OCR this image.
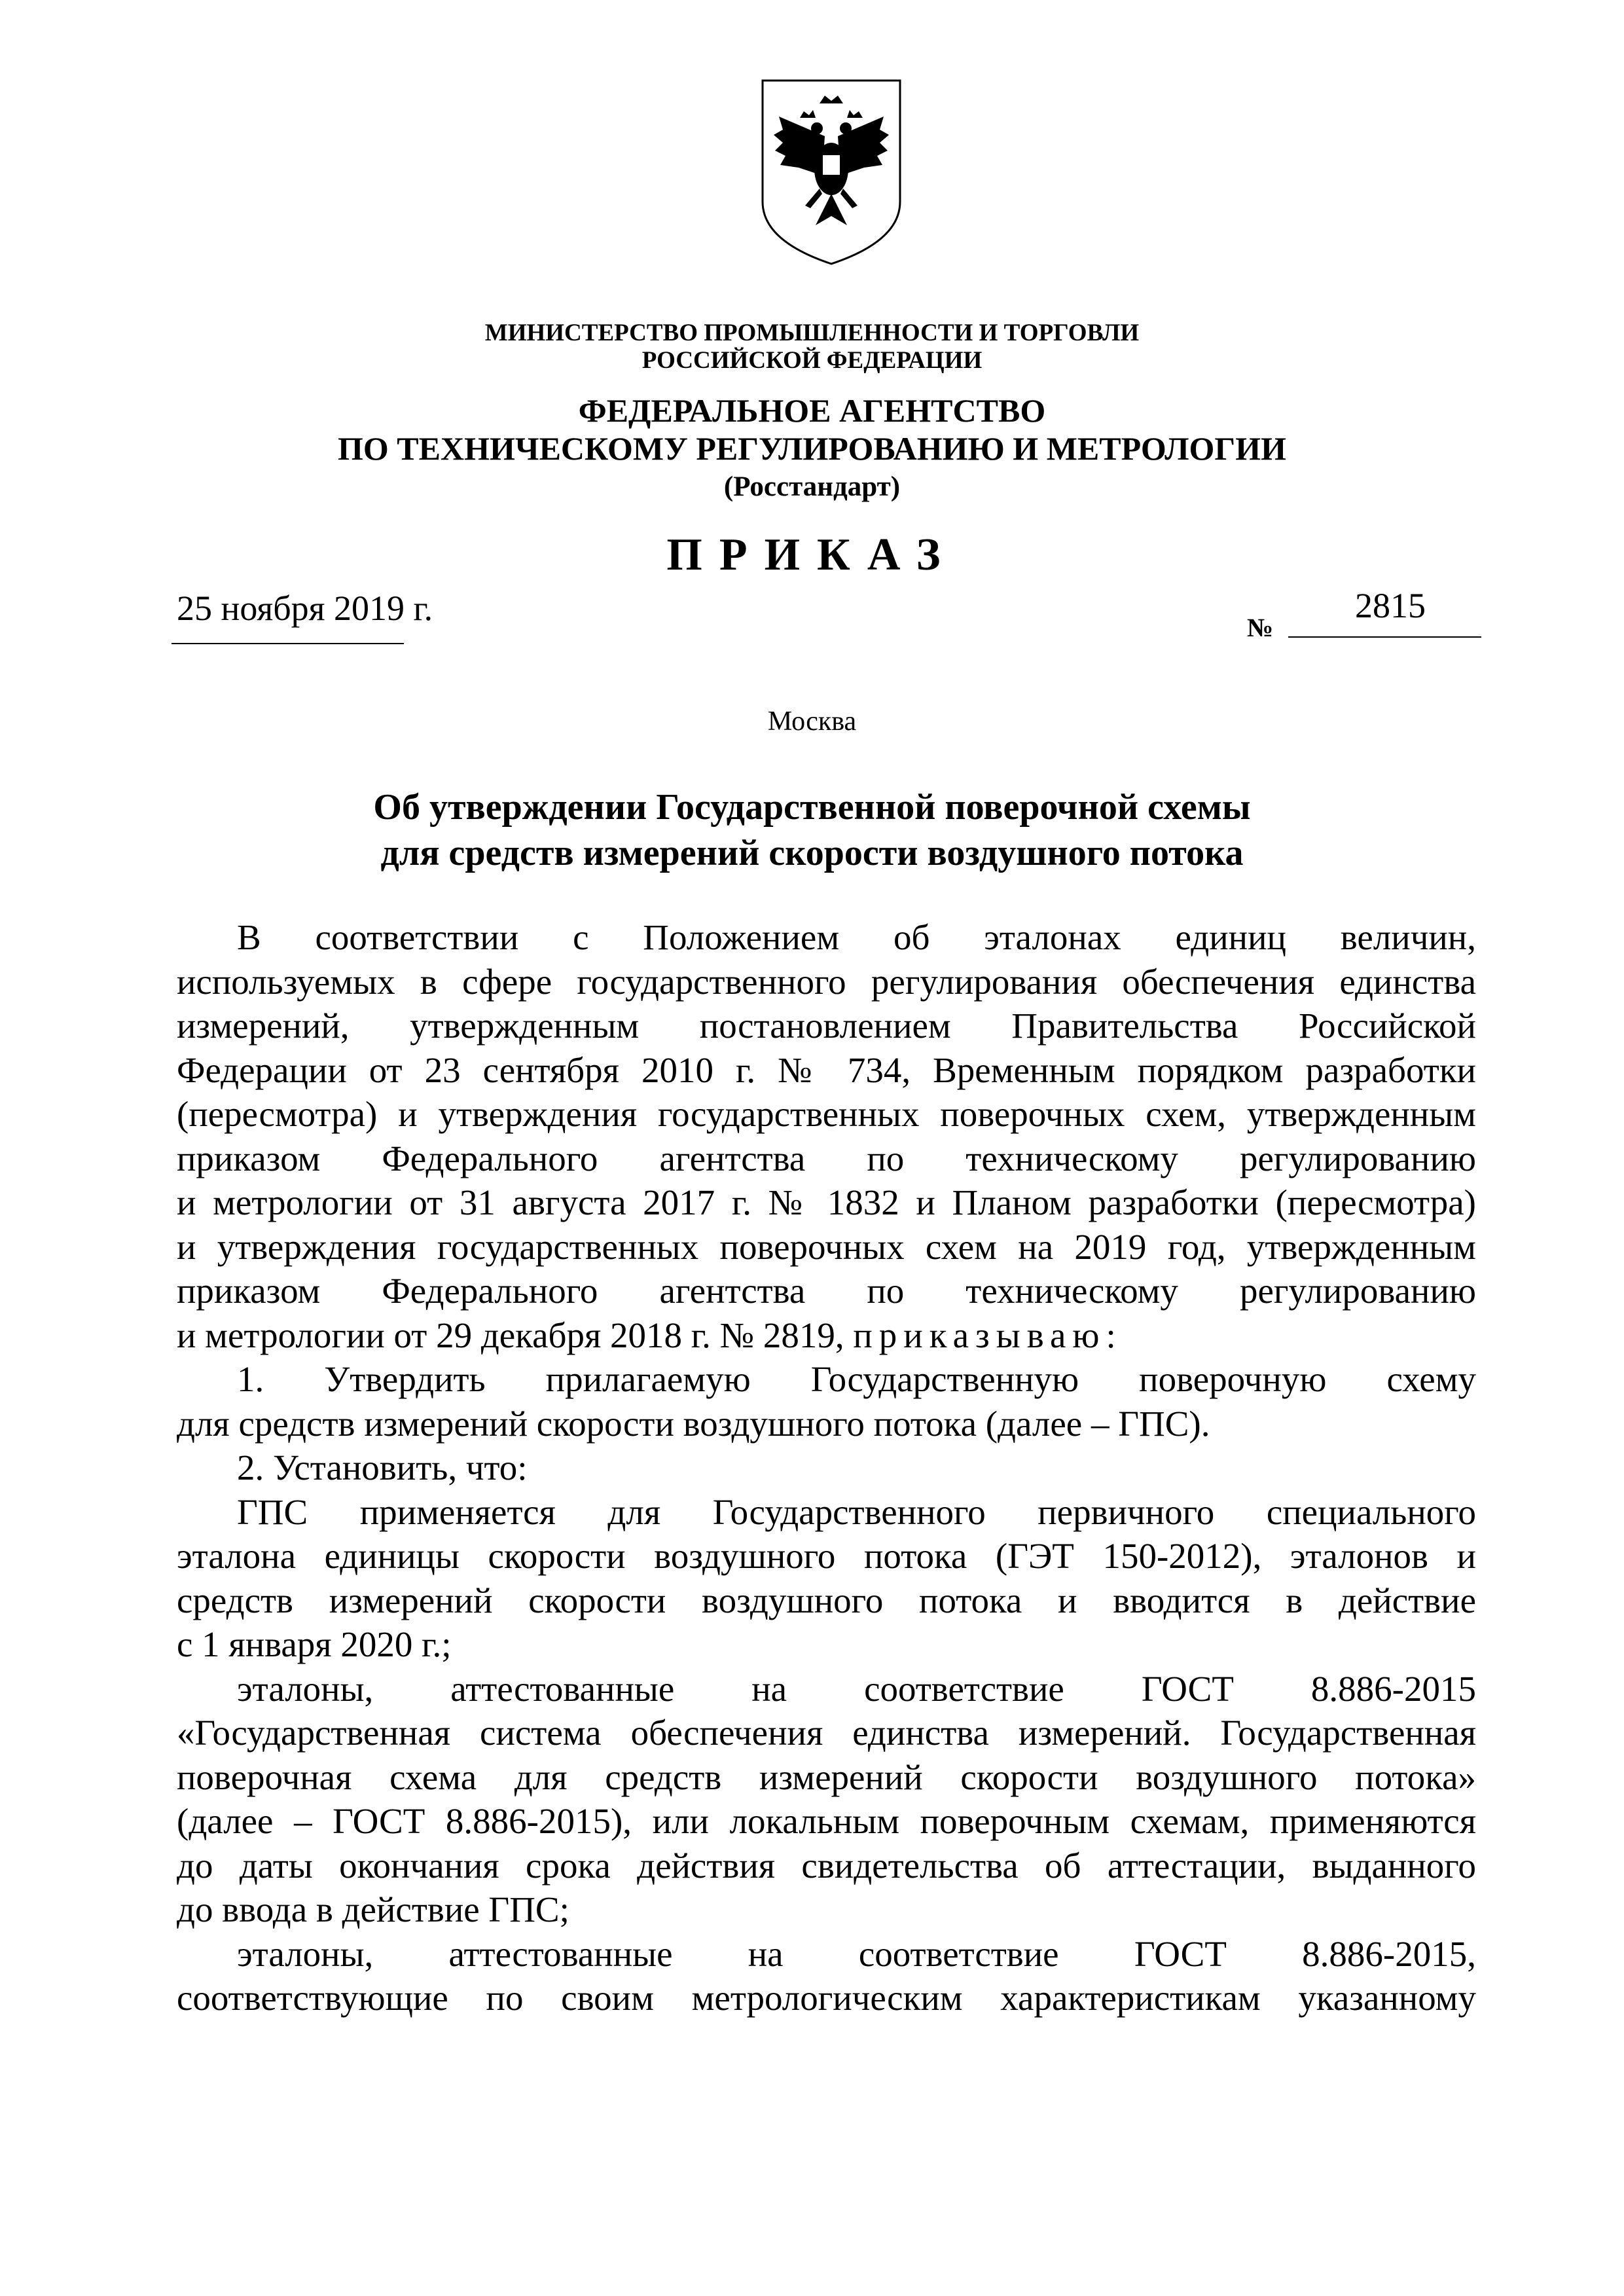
МИНИСТЕРСТВО ПРОМЫШЛЕННОСТИ И ТОРГОВЛИ
РОССИЙСКОЙ ФЕДЕРАЦИИ
ФЕДЕРАЛЬНОЕ АГЕНТСТВО
ПО ТЕХНИЧЕСКОМУ РЕГУЛИРОВАНИЮ И МЕТРОЛОГИИ
(Росстандарт)
ПРИКАЗ
25 ноября 2019 г.	№
2815
Москва
Об утверждении Государственной поверочной схемы
для средств измерений скорости воздушного потока

В соответствии с Положением об эталонах единиц величин,

используемых в сфере государственного регулирования обеспечения единства

измерений, утвержденным постановлением Правительства Российской

Федерации от 23 сентября 2010 г. № 734, Временным порядком разработки

(пересмотра) и утверждения государственных поверочных схем, утвержденным

приказом Федерального агентства по техническому регулированию

и метрологии от 31 августа 2017 г. № 1832 и Планом разработки (пересмотра)

и утверждения государственных поверочных схем на 2019 год, утвержденным

приказом Федерального агентства по техническому регулированию

и метрологии от 29 декабря 2018 г. № 2819, приказываю:

1. Утвердить прилагаемую Государственную поверочную схему

для средств измерений скорости воздушного потока (далее – ГПС).

2. Установить, что:

ГПС применяется для Государственного первичного специального

эталона единицы скорости воздушного потока (ГЭТ 150-2012), эталонов и

средств измерений скорости воздушного потока и вводится в действие

с 1 января 2020 г.;

эталоны, аттестованные на соответствие ГОСТ 8.886-2015

«Государственная система обеспечения единства измерений. Государственная

поверочная схема для средств измерений скорости воздушного потока»

(далее – ГОСТ 8.886-2015), или локальным поверочным схемам, применяются

до даты окончания срока действия свидетельства об аттестации, выданного

до ввода в действие ГПС;

эталоны, аттестованные на соответствие ГОСТ 8.886-2015,

соответствующие по своим метрологическим характеристикам указанному
